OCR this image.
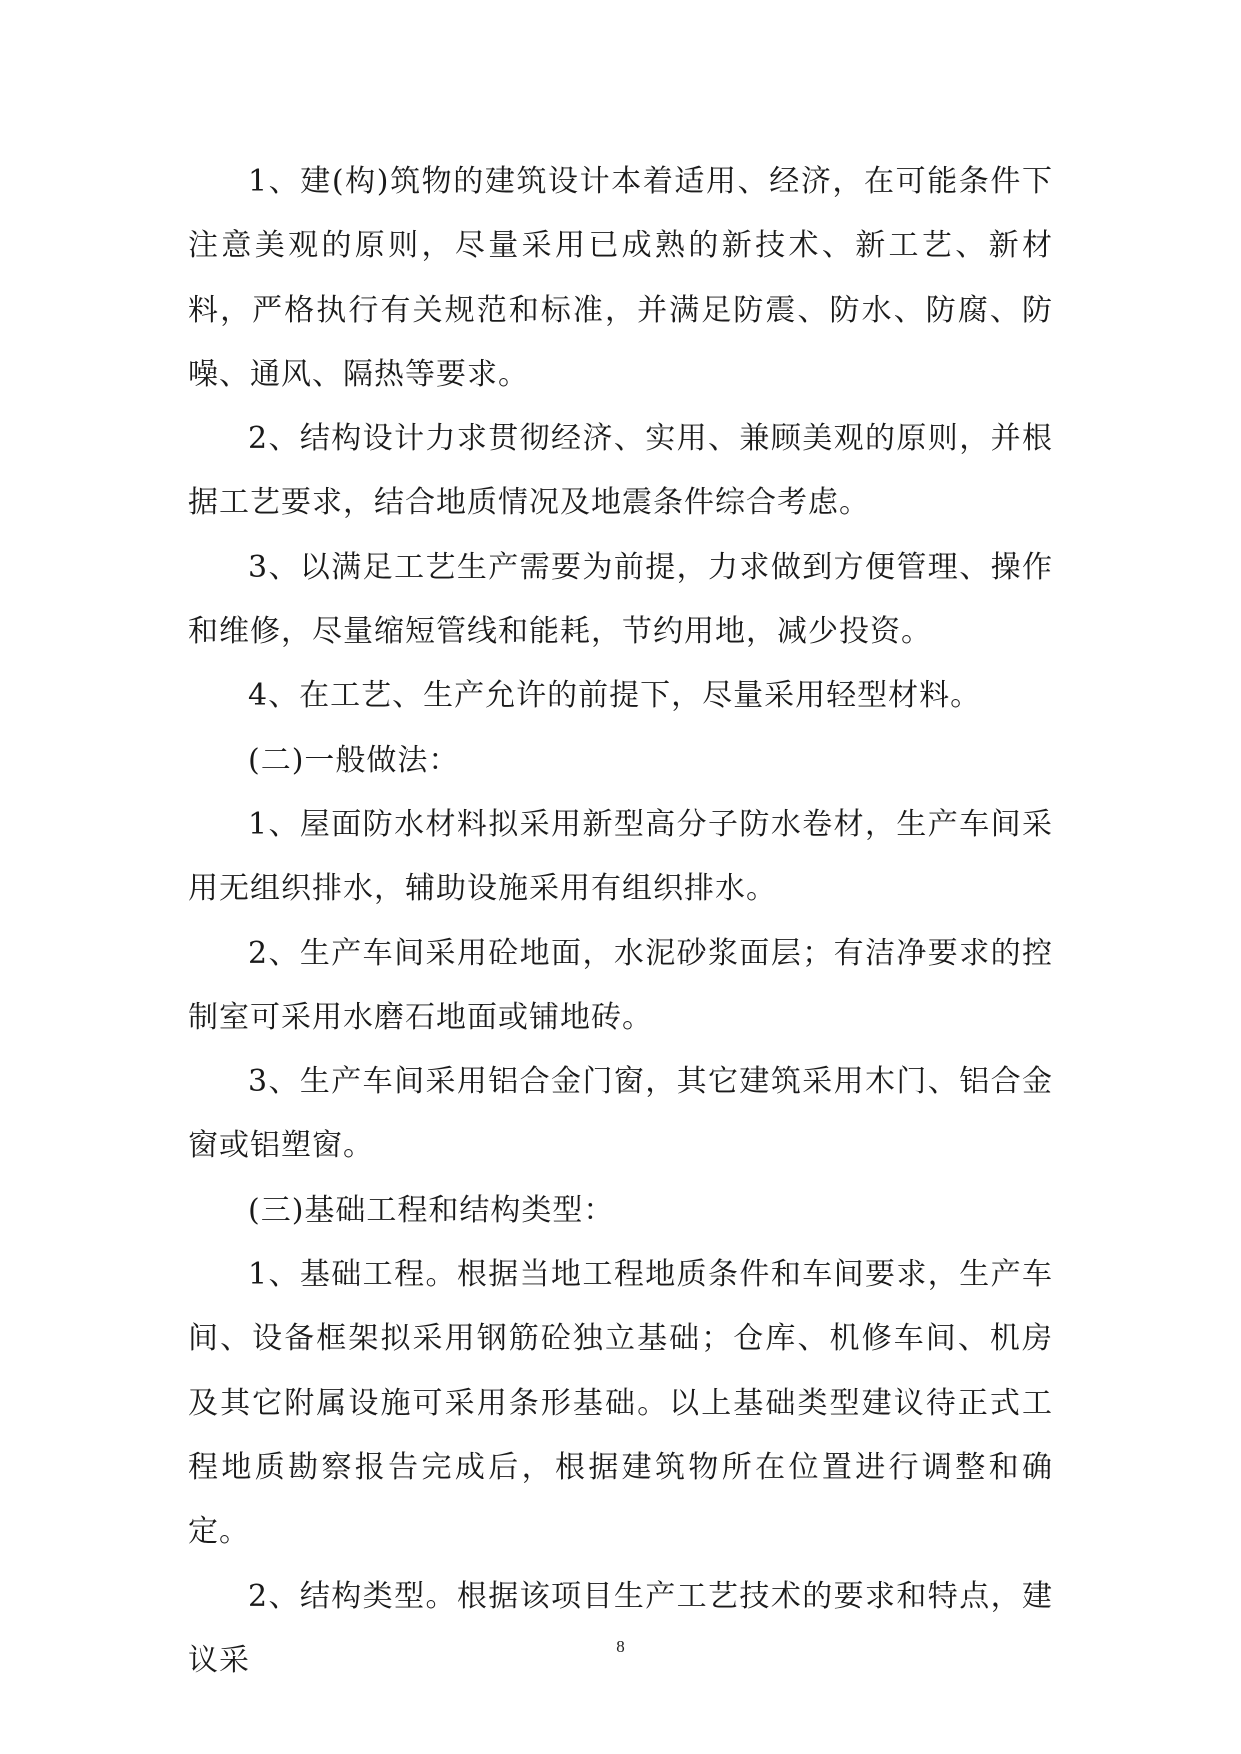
1、建(构)筑物的建筑设计本着适用、经济，在可能条件下注意美观的原则，尽量采用已成熟的新技术、新工艺、新材料，严格执行有关规范和标准，并满足防震、防水、防腐、防噪、通风、隔热等要求。

2、结构设计力求贯彻经济、实用、兼顾美观的原则，并根据工艺要求，结合地质情况及地震条件综合考虑。

3、以满足工艺生产需要为前提，力求做到方便管理、操作和维修，尽量缩短管线和能耗，节约用地，减少投资。

4、在工艺、生产允许的前提下，尽量采用轻型材料。

(二)一般做法：

1、屋面防水材料拟采用新型高分子防水卷材，生产车间采用无组织排水，辅助设施采用有组织排水。

2、生产车间采用砼地面，水泥砂浆面层；有洁净要求的控制室可采用水磨石地面或铺地砖。

3、生产车间采用铝合金门窗，其它建筑采用木门、铝合金窗或铝塑窗。

(三)基础工程和结构类型：

1、基础工程。根据当地工程地质条件和车间要求，生产车间、设备框架拟采用钢筋砼独立基础；仓库、机修车间、机房及其它附属设施可采用条形基础。以上基础类型建议待正式工程地质勘察报告完成后，根据建筑物所在位置进行调整和确定。

2、结构类型。根据该项目生产工艺技术的要求和特点，建议采	8
